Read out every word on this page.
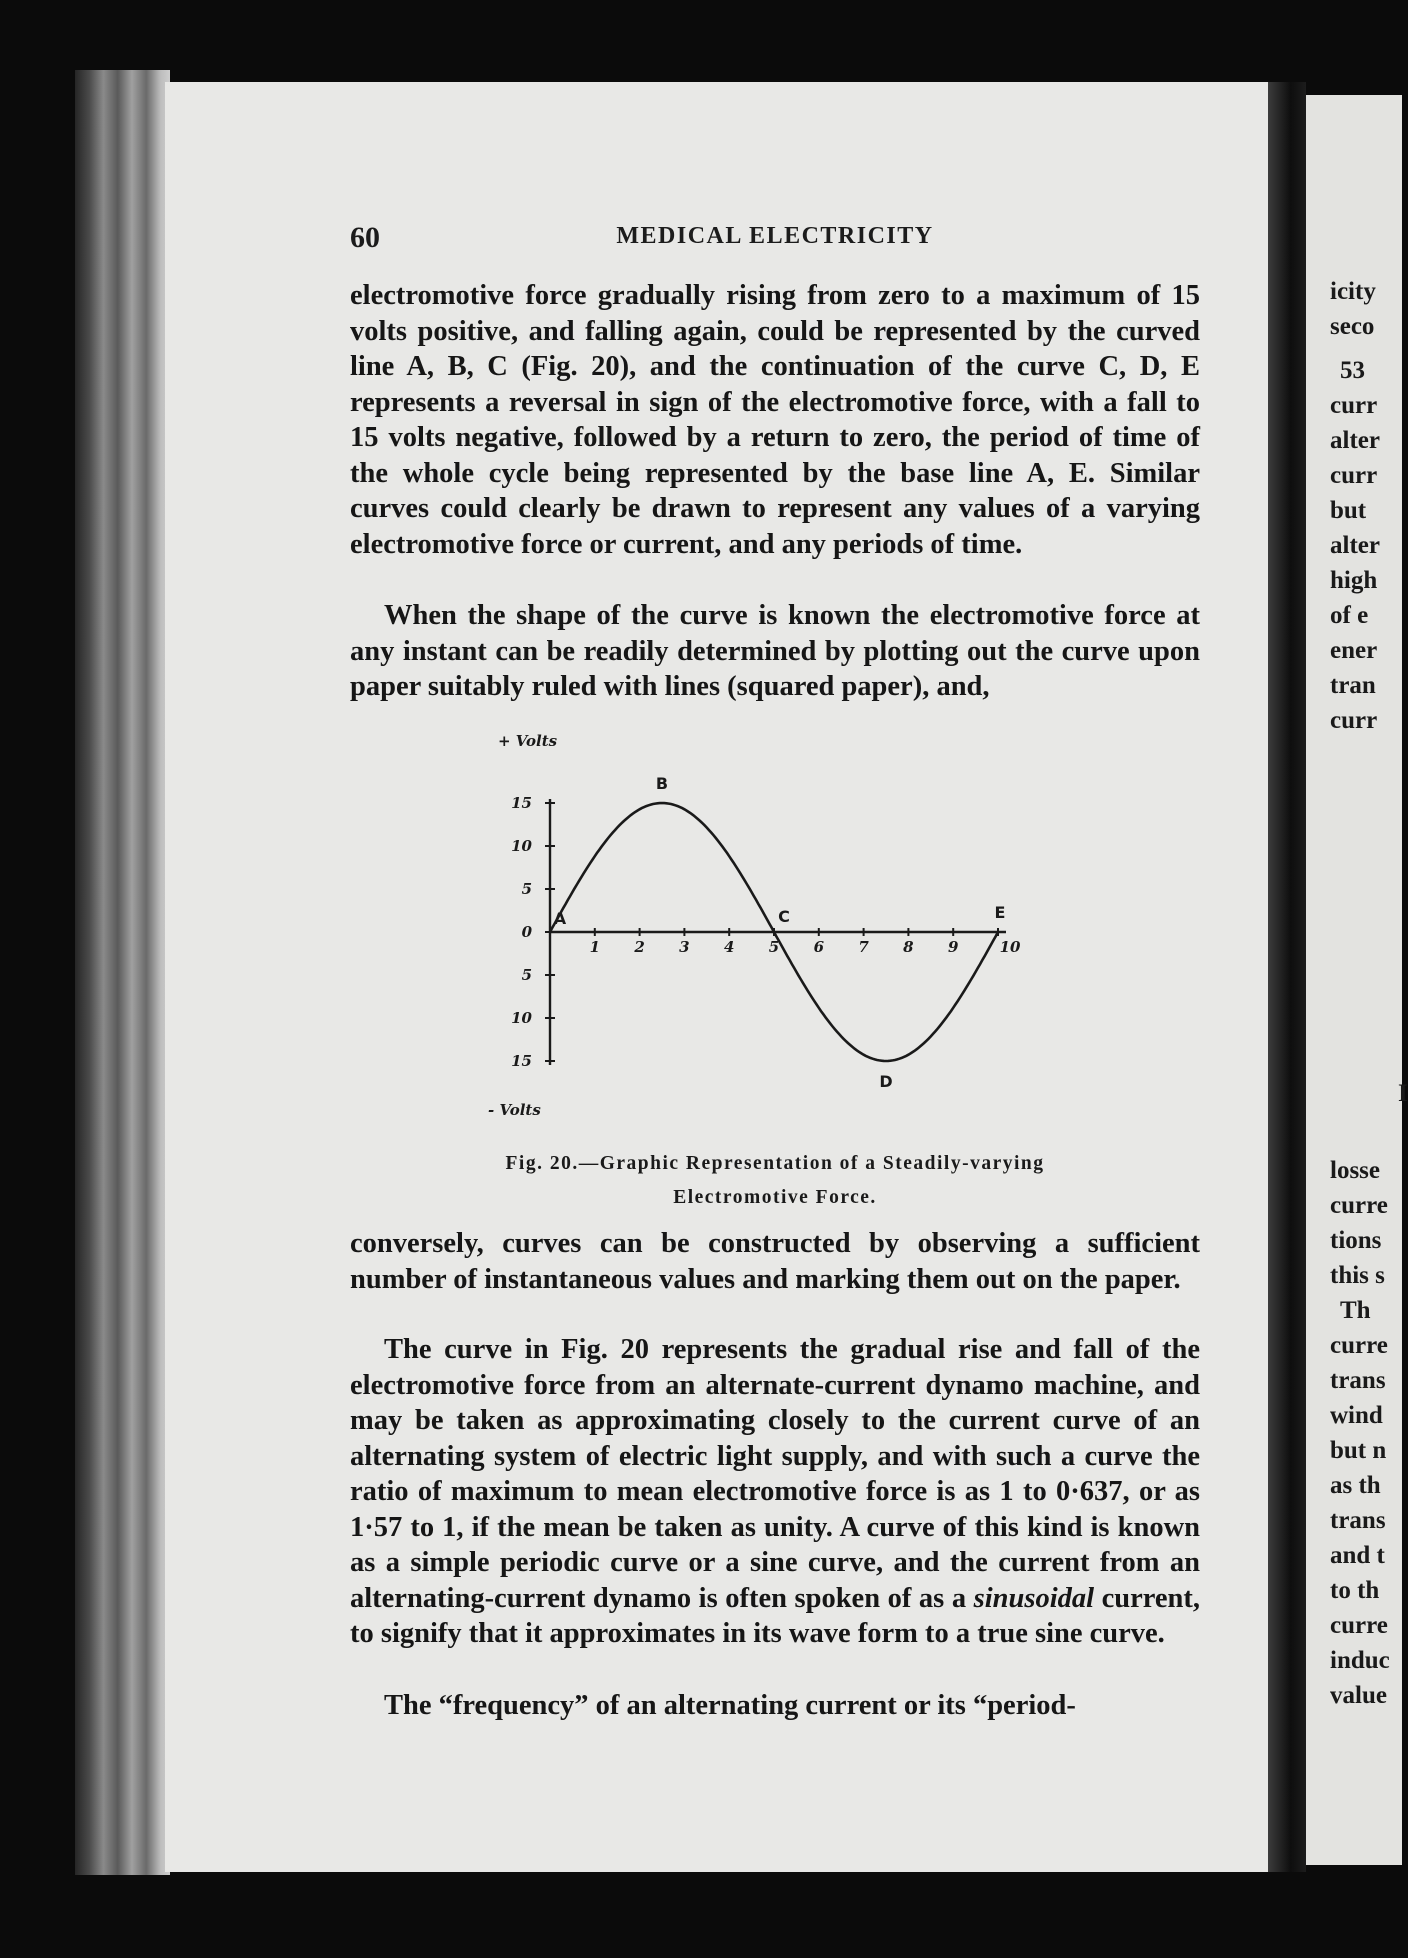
icity
seco
53
curr
alter
curr
but
alter
high
of e
ener
tran
curr
I
losse
curre
tions
this s
Th
curre
trans
wind
but n
as th
trans
and t
to th
curre
induc
value
60	MEDICAL ELECTRICITY

electromotive force gradually rising from zero to a maximum of 15 volts positive, and falling again, could be represented by the curved line A, B, C (Fig. 20), and the continuation of the curve C, D, E represents a reversal in sign of the electromotive force, with a fall to 15 volts negative, followed by a return to zero, the period of time of the whole cycle being represented by the base line A, E. Similar curves could clearly be drawn to represent any values of a varying electromotive force or current, and any periods of time.

When the shape of the curve is known the electromotive force at any instant can be readily determined by plotting out the curve upon paper suitably ruled with lines (squared paper), and,

+ Volts
- Volts
1 2 3 4 5 6 7 8 9	10
15
10
5
0
5
10
15
A
B
C
D
E
Fig. 20.—Graphic Representation of a Steadily-varying
Electromotive Force.

conversely, curves can be constructed by observing a sufficient number of instantaneous values and marking them out on the paper.

The curve in Fig. 20 represents the gradual rise and fall of the electromotive force from an alternate-current dynamo machine, and may be taken as approximating closely to the current curve of an alternating system of electric light supply, and with such a curve the ratio of maximum to mean electromotive force is as 1 to 0·637, or as 1·57 to 1, if the mean be taken as unity. A curve of this kind is known as a simple periodic curve or a sine curve, and the current from an alternating-current dynamo is often spoken of as a sinusoidal current, to signify that it approximates in its wave form to a true sine curve.

The “frequency” of an alternating current or its “period-
